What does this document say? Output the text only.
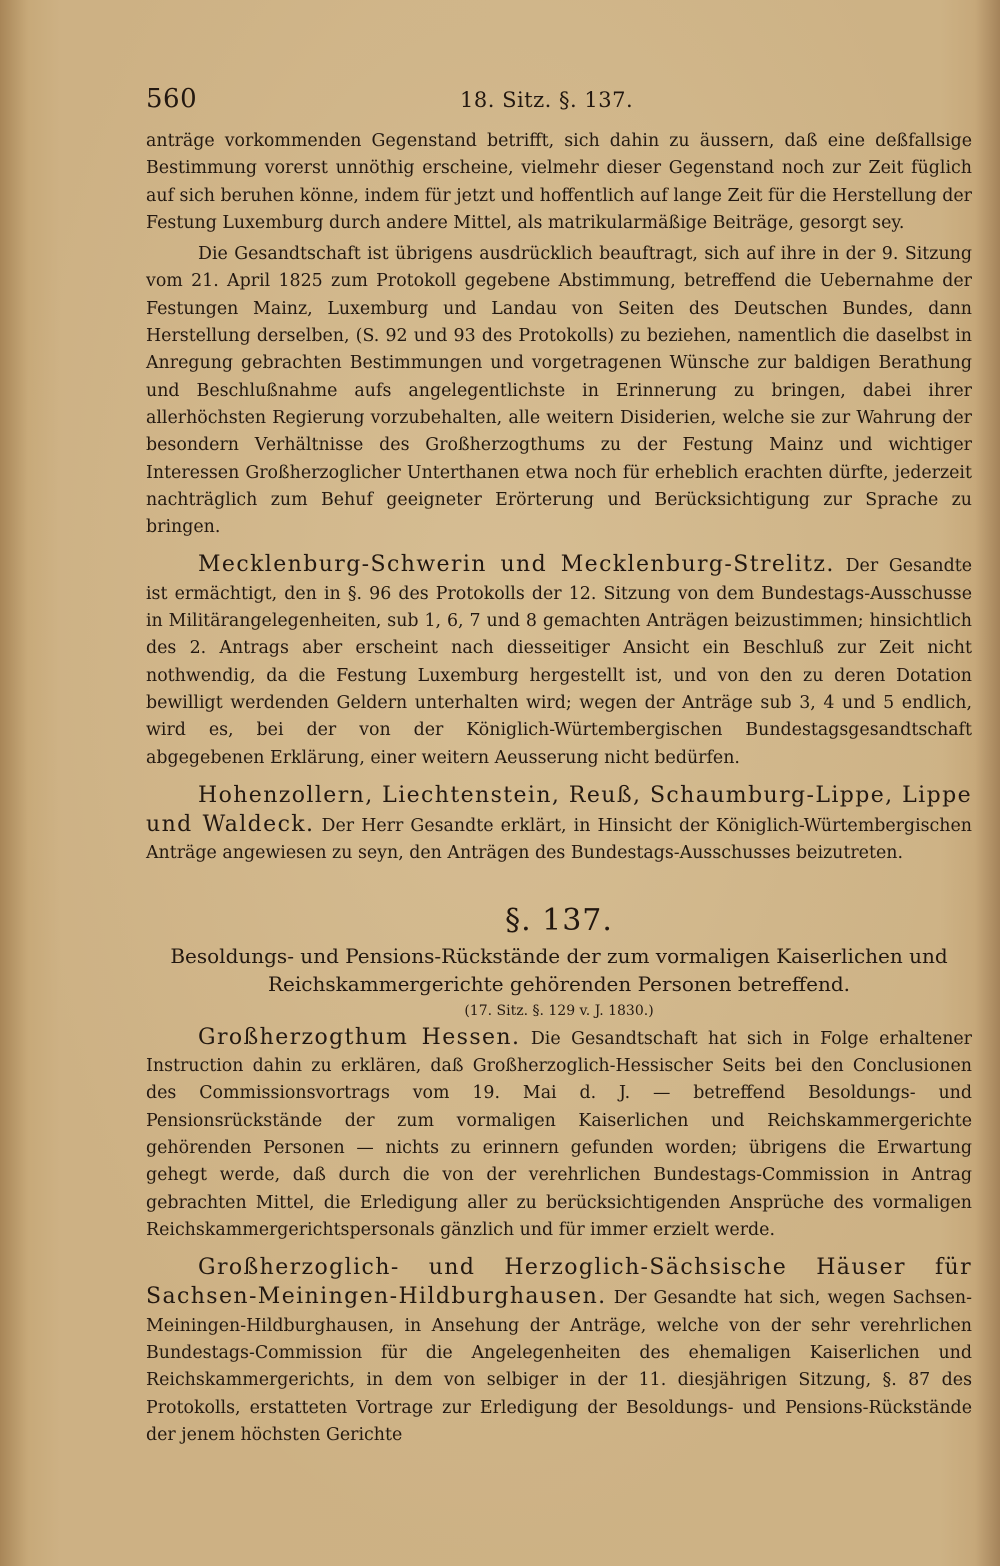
560	18. Sitz. §. 137.

anträge vorkommenden Gegenstand betrifft, sich dahin zu äussern, daß eine deßfallsige Bestimmung vorerst unnöthig erscheine, vielmehr dieser Gegenstand noch zur Zeit füglich auf sich beruhen könne, indem für jetzt und hoffentlich auf lange Zeit für die Herstellung der Festung Luxemburg durch andere Mittel, als matrikularmäßige Beiträge, gesorgt sey.

Die Gesandtschaft ist übrigens ausdrücklich beauftragt, sich auf ihre in der 9. Sitzung vom 21. April 1825 zum Protokoll gegebene Abstimmung, betreffend die Uebernahme der Festungen Mainz, Luxemburg und Landau von Seiten des Deutschen Bundes, dann Herstellung derselben, (S. 92 und 93 des Protokolls) zu beziehen, namentlich die daselbst in Anregung gebrachten Bestimmungen und vorgetragenen Wünsche zur baldigen Berathung und Beschlußnahme aufs angelegentlichste in Erinnerung zu bringen, dabei ihrer allerhöchsten Regierung vorzubehalten, alle weitern Disiderien, welche sie zur Wahrung der besondern Verhältnisse des Großherzogthums zu der Festung Mainz und wichtiger Interessen Großherzoglicher Unterthanen etwa noch für erheblich erachten dürfte, jederzeit nachträglich zum Behuf geeigneter Erörterung und Berücksichtigung zur Sprache zu bringen.

Mecklenburg-Schwerin und Mecklenburg-Strelitz. Der Gesandte ist ermächtigt, den in §. 96 des Protokolls der 12. Sitzung von dem Bundestags-Ausschusse in Militärangelegenheiten, sub 1, 6, 7 und 8 gemachten Anträgen beizustimmen; hinsichtlich des 2. Antrags aber erscheint nach diesseitiger Ansicht ein Beschluß zur Zeit nicht nothwendig, da die Festung Luxemburg hergestellt ist, und von den zu deren Dotation bewilligt werdenden Geldern unterhalten wird; wegen der Anträge sub 3, 4 und 5 endlich, wird es, bei der von der Königlich-Würtembergischen Bundestagsgesandtschaft abgegebenen Erklärung, einer weitern Aeusserung nicht bedürfen.

Hohenzollern, Liechtenstein, Reuß, Schaumburg-Lippe, Lippe und Waldeck. Der Herr Gesandte erklärt, in Hinsicht der Königlich-Würtembergischen Anträge angewiesen zu seyn, den Anträgen des Bundestags-Ausschusses beizutreten.

§. 137.
Besoldungs- und Pensions-Rückstände der zum vormaligen Kaiserlichen und Reichskammergerichte gehörenden Personen betreffend.
(17. Sitz. §. 129 v. J. 1830.)

Großherzogthum Hessen. Die Gesandtschaft hat sich in Folge erhaltener Instruction dahin zu erklären, daß Großherzoglich-Hessischer Seits bei den Conclusionen des Commissionsvortrags vom 19. Mai d. J. — betreffend Besoldungs- und Pensionsrückstände der zum vormaligen Kaiserlichen und Reichskammergerichte gehörenden Personen — nichts zu erinnern gefunden worden; übrigens die Erwartung gehegt werde, daß durch die von der verehrlichen Bundestags-Commission in Antrag gebrachten Mittel, die Erledigung aller zu berücksichtigenden Ansprüche des vormaligen Reichskammergerichtspersonals gänzlich und für immer erzielt werde.

Großherzoglich- und Herzoglich-Sächsische Häuser für Sachsen-Meiningen-Hildburghausen. Der Gesandte hat sich, wegen Sachsen-Meiningen-Hildburghausen, in Ansehung der Anträge, welche von der sehr verehrlichen Bundestags-Commission für die Angelegenheiten des ehemaligen Kaiserlichen und Reichskammergerichts, in dem von selbiger in der 11. diesjährigen Sitzung, §. 87 des Protokolls, erstatteten Vortrage zur Erledigung der Besoldungs- und Pensions-Rückstände der jenem höchsten Gerichte
